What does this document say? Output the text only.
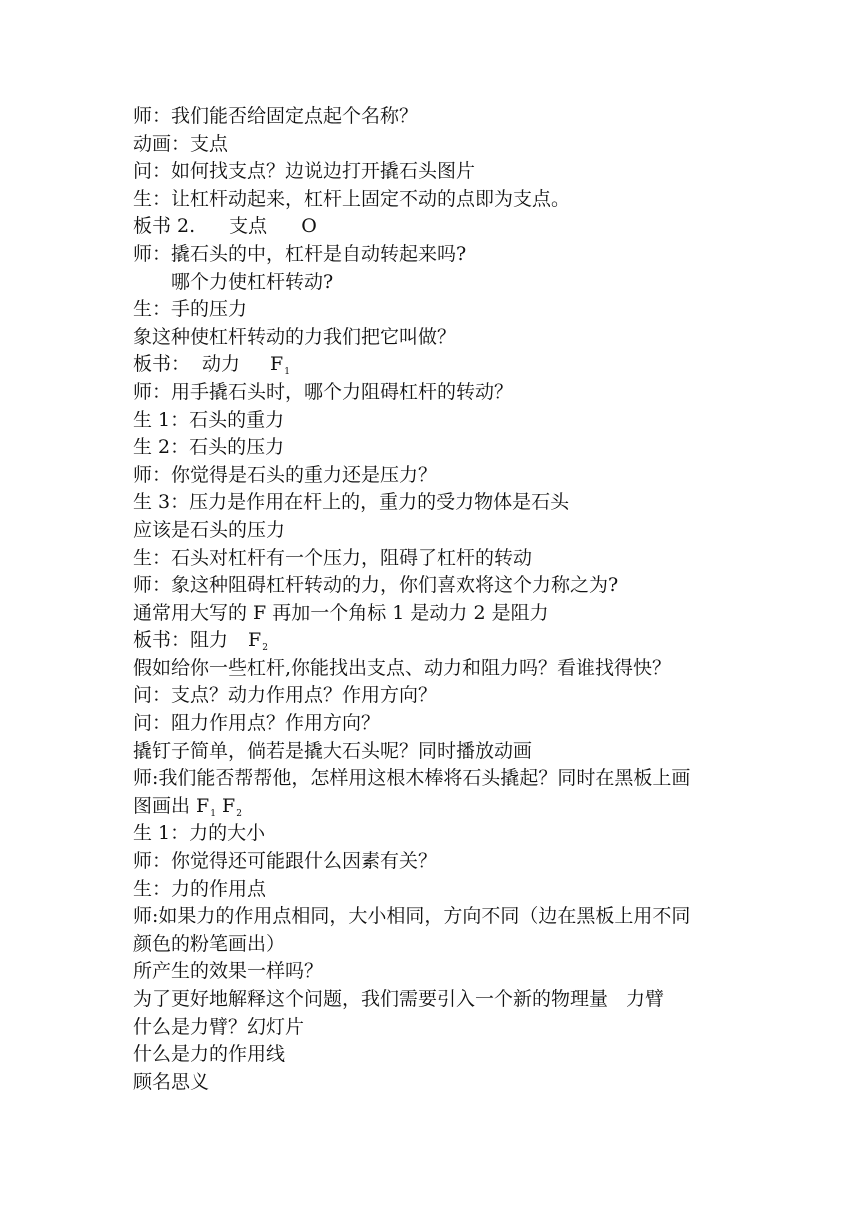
师：我们能否给固定点起个名称？
动画：支点
问：如何找支点？边说边打开撬石头图片
生：让杠杆动起来，杠杆上固定不动的点即为支点。
板书 2. 支点 O
师：撬石头的中，杠杆是自动转起来吗?
哪个力使杠杆转动?
生：手的压力
象这种使杠杆转动的力我们把它叫做？
板书： 动力 $F_1$
师：用手撬石头时，哪个力阻碍杠杆的转动？
生 1：石头的重力
生 2：石头的压力
师：你觉得是石头的重力还是压力？
生 3：压力是作用在杆上的，重力的受力物体是石头
应该是石头的压力
生：石头对杠杆有一个压力，阻碍了杠杆的转动
师：象这种阻碍杠杆转动的力，你们喜欢将这个力称之为?
通常用大写的 F 再加一个角标 1 是动力 2 是阻力
板书：阻力 $F_2$
假如给你一些杠杆,你能找出支点、动力和阻力吗？看谁找得快？
问：支点？动力作用点？作用方向？
问：阻力作用点？作用方向？
撬钉子简单，倘若是撬大石头呢？同时播放动画
师:我们能否帮帮他，怎样用这根木棒将石头撬起？同时在黑板上画
图画出 $F_1$ $F_2$
生 1：力的大小
师：你觉得还可能跟什么因素有关？
生：力的作用点
师:如果力的作用点相同，大小相同，方向不同（边在黑板上用不同
颜色的粉笔画出）
所产生的效果一样吗？
为了更好地解释这个问题，我们需要引入一个新的物理量 力臂
什么是力臂？幻灯片
什么是力的作用线
顾名思义
